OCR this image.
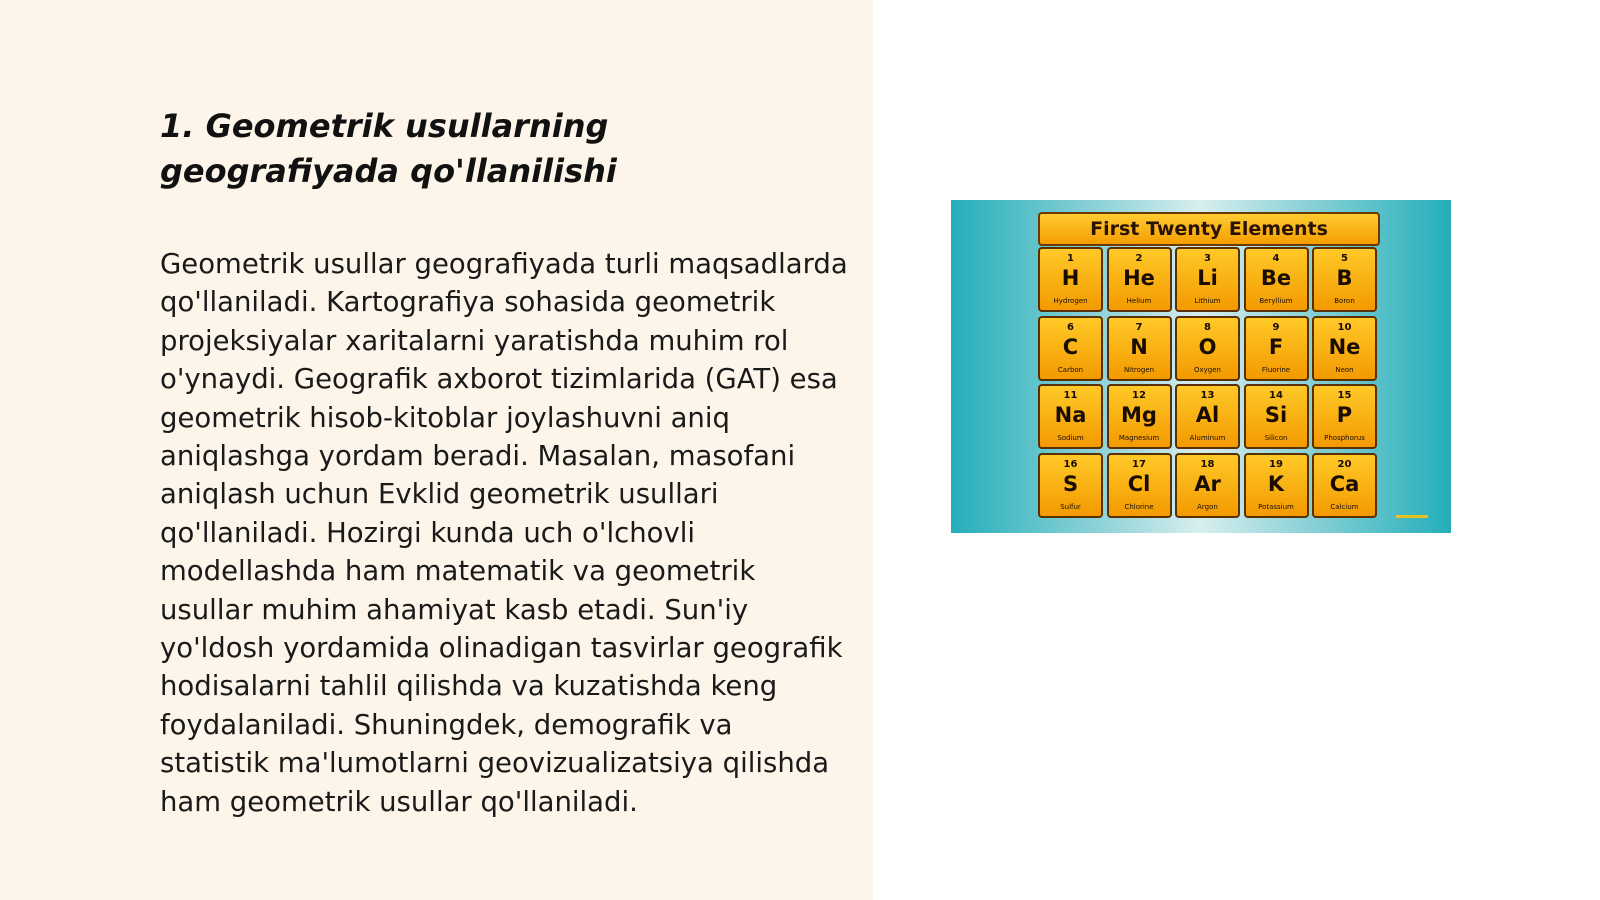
1. Geometrik usullarning
geografiyada qo'llanilishi

Geometrik usullar geografiyada turli maqsadlarda qo'llaniladi. Kartografiya sohasida geometrik projeksiyalar xaritalarni yaratishda muhim rol o'ynaydi. Geografik axborot tizimlarida (GAT) esa geometrik hisob-kitoblar joylashuvni aniq aniqlashga yordam beradi. Masalan, masofani aniqlash uchun Evklid geometrik usullari qo'llaniladi. Hozirgi kunda uch o'lchovli modellashda ham matematik va geometrik usullar muhim ahamiyat kasb etadi. Sun'iy yo'ldosh yordamida olinadigan tasvirlar geografik hodisalarni tahlil qilishda va kuzatishda keng foydalaniladi. Shuningdek, demografik va statistik ma'lumotlarni geovizualizatsiya qilishda ham geometrik usullar qo'llaniladi.

First Twenty Elements
1
H
Hydrogen
2
He
Helium
3
Li
Lithium
4
Be
Beryllium
5
B
Boron
6
C
Carbon
7
N
Nitrogen
8
O
Oxygen
9
F
Fluorine
10
Ne
Neon
11
Na
Sodium
12
Mg
Magnesium
13
Al
Aluminum
14
Si
Silicon
15
P
Phosphorus
16
S
Sulfur
17
Cl
Chlorine
18
Ar
Argon
19
K
Potassium
20
Ca
Calcium
